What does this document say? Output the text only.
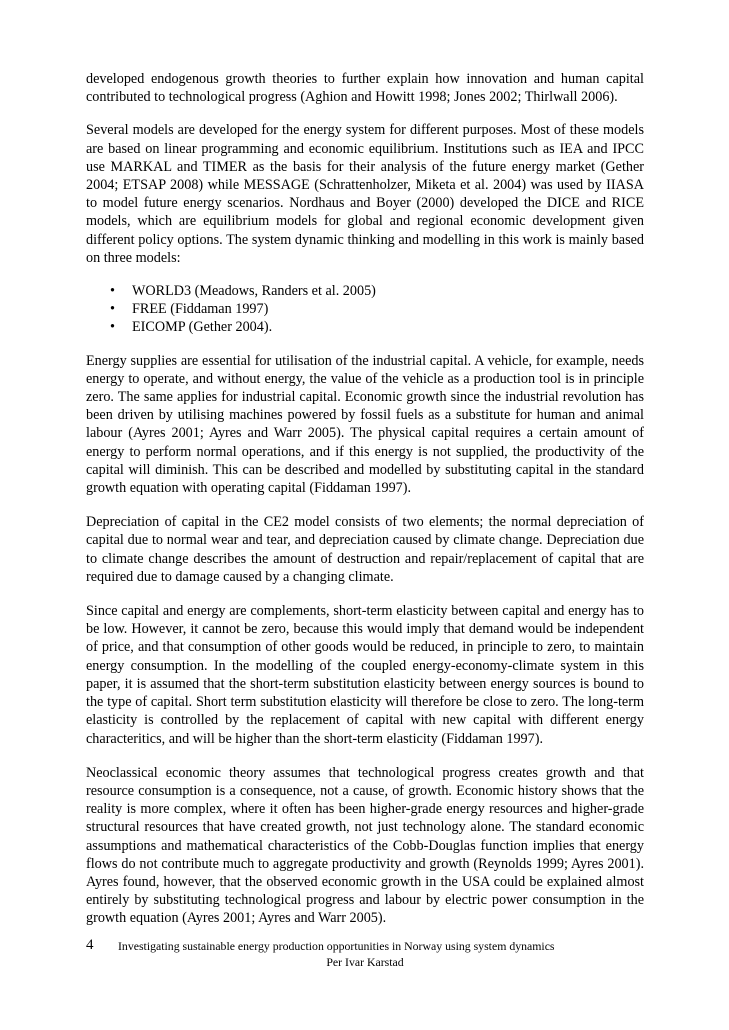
developed endogenous growth theories to further explain how innovation and human capital contributed to technological progress (Aghion and Howitt 1998; Jones 2002; Thirlwall 2006).

Several models are developed for the energy system for different purposes. Most of these models are based on linear programming and economic equilibrium. Institutions such as IEA and IPCC use MARKAL and TIMER as the basis for their analysis of the future energy market (Gether 2004; ETSAP 2008) while MESSAGE (Schrattenholzer, Miketa et al. 2004) was used by IIASA to model future energy scenarios. Nordhaus and Boyer (2000) developed the DICE and RICE models, which are equilibrium models for global and regional economic development given different policy options. The system dynamic thinking and modelling in this work is mainly based on three models:

• WORLD3 (Meadows, Randers et al. 2005)
• FREE (Fiddaman 1997)
• EICOMP (Gether 2004).

Energy supplies are essential for utilisation of the industrial capital. A vehicle, for example, needs energy to operate, and without energy, the value of the vehicle as a production tool is in principle zero. The same applies for industrial capital. Economic growth since the industrial revolution has been driven by utilising machines powered by fossil fuels as a substitute for human and animal labour (Ayres 2001; Ayres and Warr 2005). The physical capital requires a certain amount of energy to perform normal operations, and if this energy is not supplied, the productivity of the capital will diminish. This can be described and modelled by substituting capital in the standard growth equation with operating capital (Fiddaman 1997).

Depreciation of capital in the CE2 model consists of two elements; the normal depreciation of capital due to normal wear and tear, and depreciation caused by climate change. Depreciation due to climate change describes the amount of destruction and repair/replacement of capital that are required due to damage caused by a changing climate.

Since capital and energy are complements, short-term elasticity between capital and energy has to be low. However, it cannot be zero, because this would imply that demand would be independent of price, and that consumption of other goods would be reduced, in principle to zero, to maintain energy consumption. In the modelling of the coupled energy-economy-climate system in this paper, it is assumed that the short-term substitution elasticity between energy sources is bound to the type of capital. Short term substitution elasticity will therefore be close to zero. The long-term elasticity is controlled by the replacement of capital with new capital with different energy characteritics, and will be higher than the short-term elasticity (Fiddaman 1997).

Neoclassical economic theory assumes that technological progress creates growth and that resource consumption is a consequence, not a cause, of growth. Economic history shows that the reality is more complex, where it often has been higher-grade energy resources and higher-grade structural resources that have created growth, not just technology alone. The standard economic assumptions and mathematical characteristics of the Cobb-Douglas function implies that energy flows do not contribute much to aggregate productivity and growth (Reynolds 1999; Ayres 2001). Ayres found, however, that the observed economic growth in the USA could be explained almost entirely by substituting technological progress and labour by electric power consumption in the growth equation (Ayres 2001; Ayres and Warr 2005).

4 Investigating sustainable energy production opportunities in Norway using system dynamics
Per Ivar Karstad
